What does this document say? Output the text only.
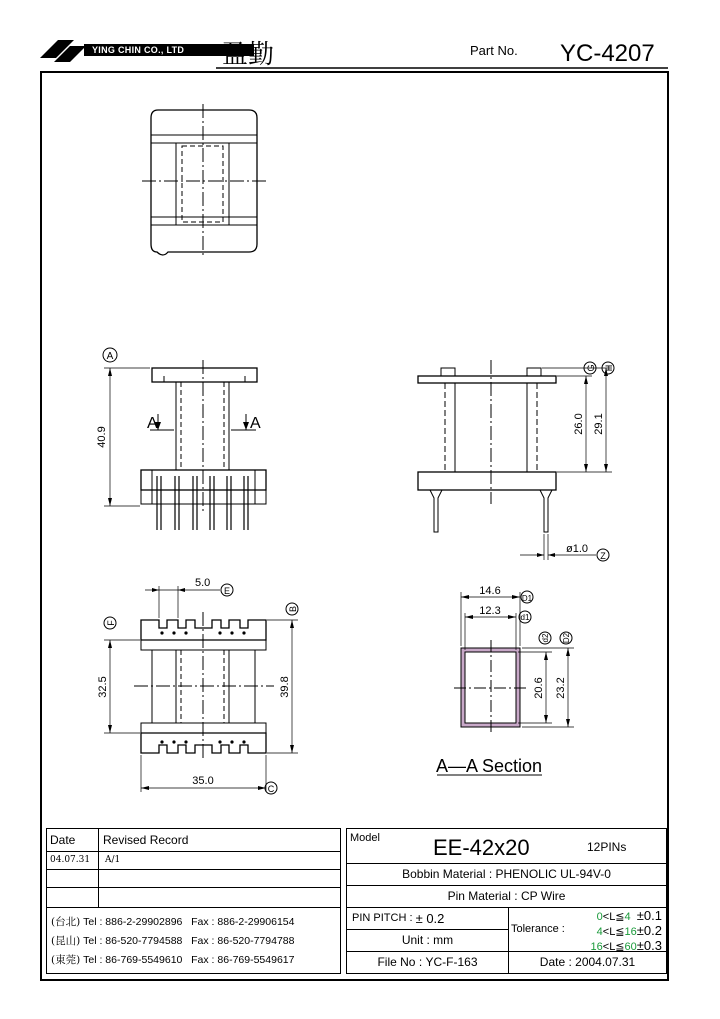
YING CHIN CO., LTD 盈勤	Part No. YC-4207
A
40.9
A	A	26.0 29.1
G H
ø1.0
Z
5.0
E
B
F
32.5	39.8
35.0
C
14.6
12.3
D1
d1
d2 D2
20.6 23.2
A—A Section
Date	Revised Record
04.07.31	A/1
(台北) Tel : 886-2-29902896 Fax : 886-2-29906154
(昆山) Tel : 86-520-7794588 Fax : 86-520-7794788
(東莞) Tel : 86-769-5549610 Fax : 86-769-5549617
Model EE-42x20	12PINs
Bobbin Material :
PHENOLIC UL-94V-0
Pin Material :
CP Wire
PIN PITCH :
± 0.2
Unit :
mm
File No :
YC-F-163
Tolerance :
0<L≦4 ±0.1
4<L≦16±0.2
16<L≦60±0.3
Date :
2004.07.31
